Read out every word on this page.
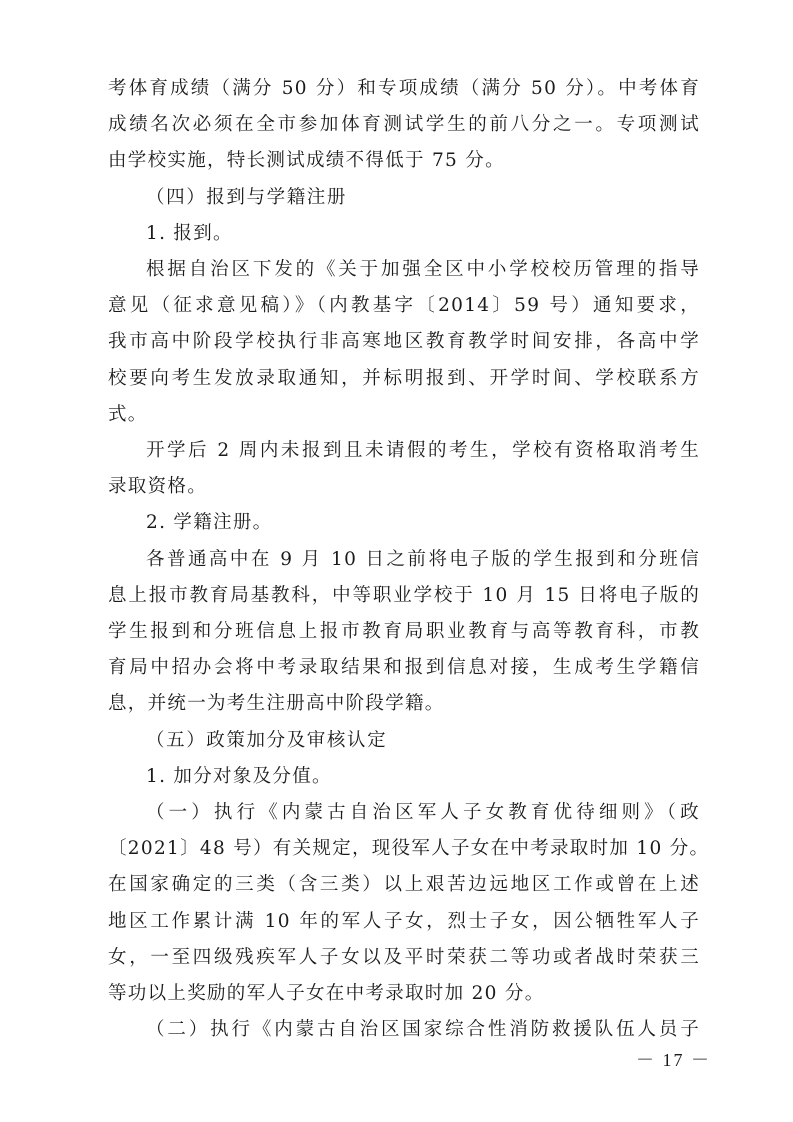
考体育成绩（满分 50 分）和专项成绩（满分 50 分）。中考体育
成绩名次必须在全市参加体育测试学生的前八分之一。专项测试
由学校实施，特长测试成绩不得低于 75 分。
（四）报到与学籍注册
1. 报到。
根据自治区下发的《关于加强全区中小学校校历管理的指导
意见（征求意见稿）》（内教基字〔2014〕59 号）通知要求，
我市高中阶段学校执行非高寒地区教育教学时间安排，各高中学
校要向考生发放录取通知，并标明报到、开学时间、学校联系方
式。
开学后 2 周内未报到且未请假的考生，学校有资格取消考生
录取资格。
2. 学籍注册。
各普通高中在 9 月 10 日之前将电子版的学生报到和分班信
息上报市教育局基教科，中等职业学校于 10 月 15 日将电子版的
学生报到和分班信息上报市教育局职业教育与高等教育科，市教
育局中招办会将中考录取结果和报到信息对接，生成考生学籍信
息，并统一为考生注册高中阶段学籍。
（五）政策加分及审核认定
1. 加分对象及分值。
（一）执行《内蒙古自治区军人子女教育优待细则》（政
〔2021〕48 号）有关规定，现役军人子女在中考录取时加 10 分。
在国家确定的三类（含三类）以上艰苦边远地区工作或曾在上述
地区工作累计满 10 年的军人子女，烈士子女，因公牺牲军人子
女，一至四级残疾军人子女以及平时荣获二等功或者战时荣获三
等功以上奖励的军人子女在中考录取时加 20 分。
（二）执行《内蒙古自治区国家综合性消防救援队伍人员子
－ 17 －
